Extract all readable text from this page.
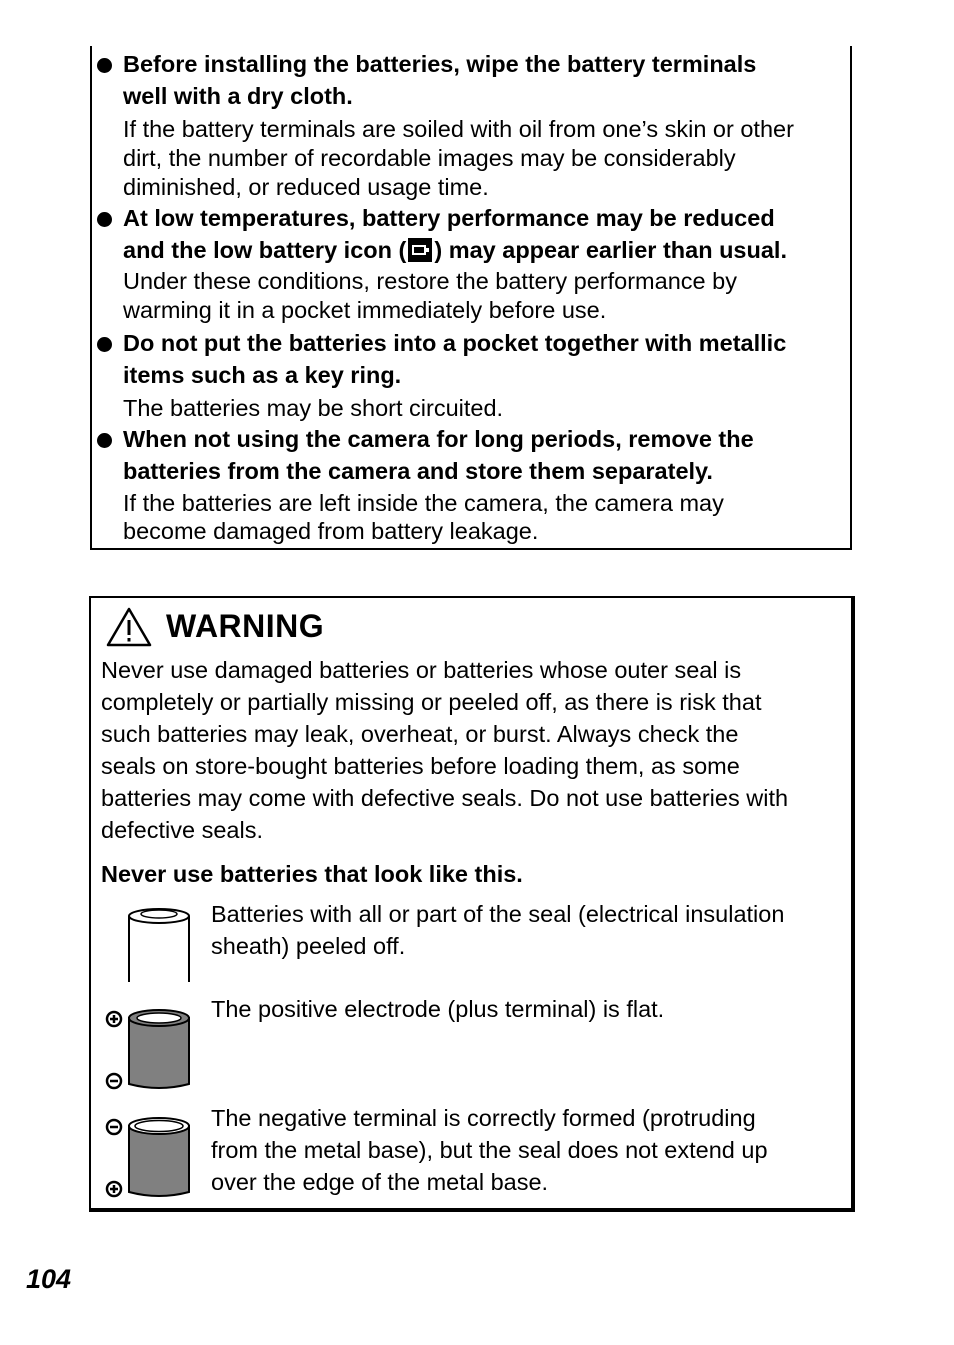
Before installing the batteries, wipe the battery terminals
well with a dry cloth.
If the battery terminals are soiled with oil from one’s skin or other
dirt, the number of recordable images may be considerably
diminished, or reduced usage time.
At low temperatures, battery performance may be reduced
and the low battery icon ( ) may appear earlier than usual.
Under these conditions, restore the battery performance by
warming it in a pocket immediately before use.
Do not put the batteries into a pocket together with metallic
items such as a key ring.
The batteries may be short circuited.
When not using the camera for long periods, remove the
batteries from the camera and store them separately.
If the batteries are left inside the camera, the camera may
become damaged from battery leakage.
WARNING
Never use damaged batteries or batteries whose outer seal is
completely or partially missing or peeled off, as there is risk that
such batteries may leak, overheat, or burst. Always check the
seals on store-bought batteries before loading them, as some
batteries may come with defective seals. Do not use batteries with
defective seals.
Never use batteries that look like this.
Batteries with all or part of the seal (electrical insulation
sheath) peeled off.
The positive electrode (plus terminal) is flat.
The negative terminal is correctly formed (protruding
from the metal base), but the seal does not extend up
over the edge of the metal base.
104
